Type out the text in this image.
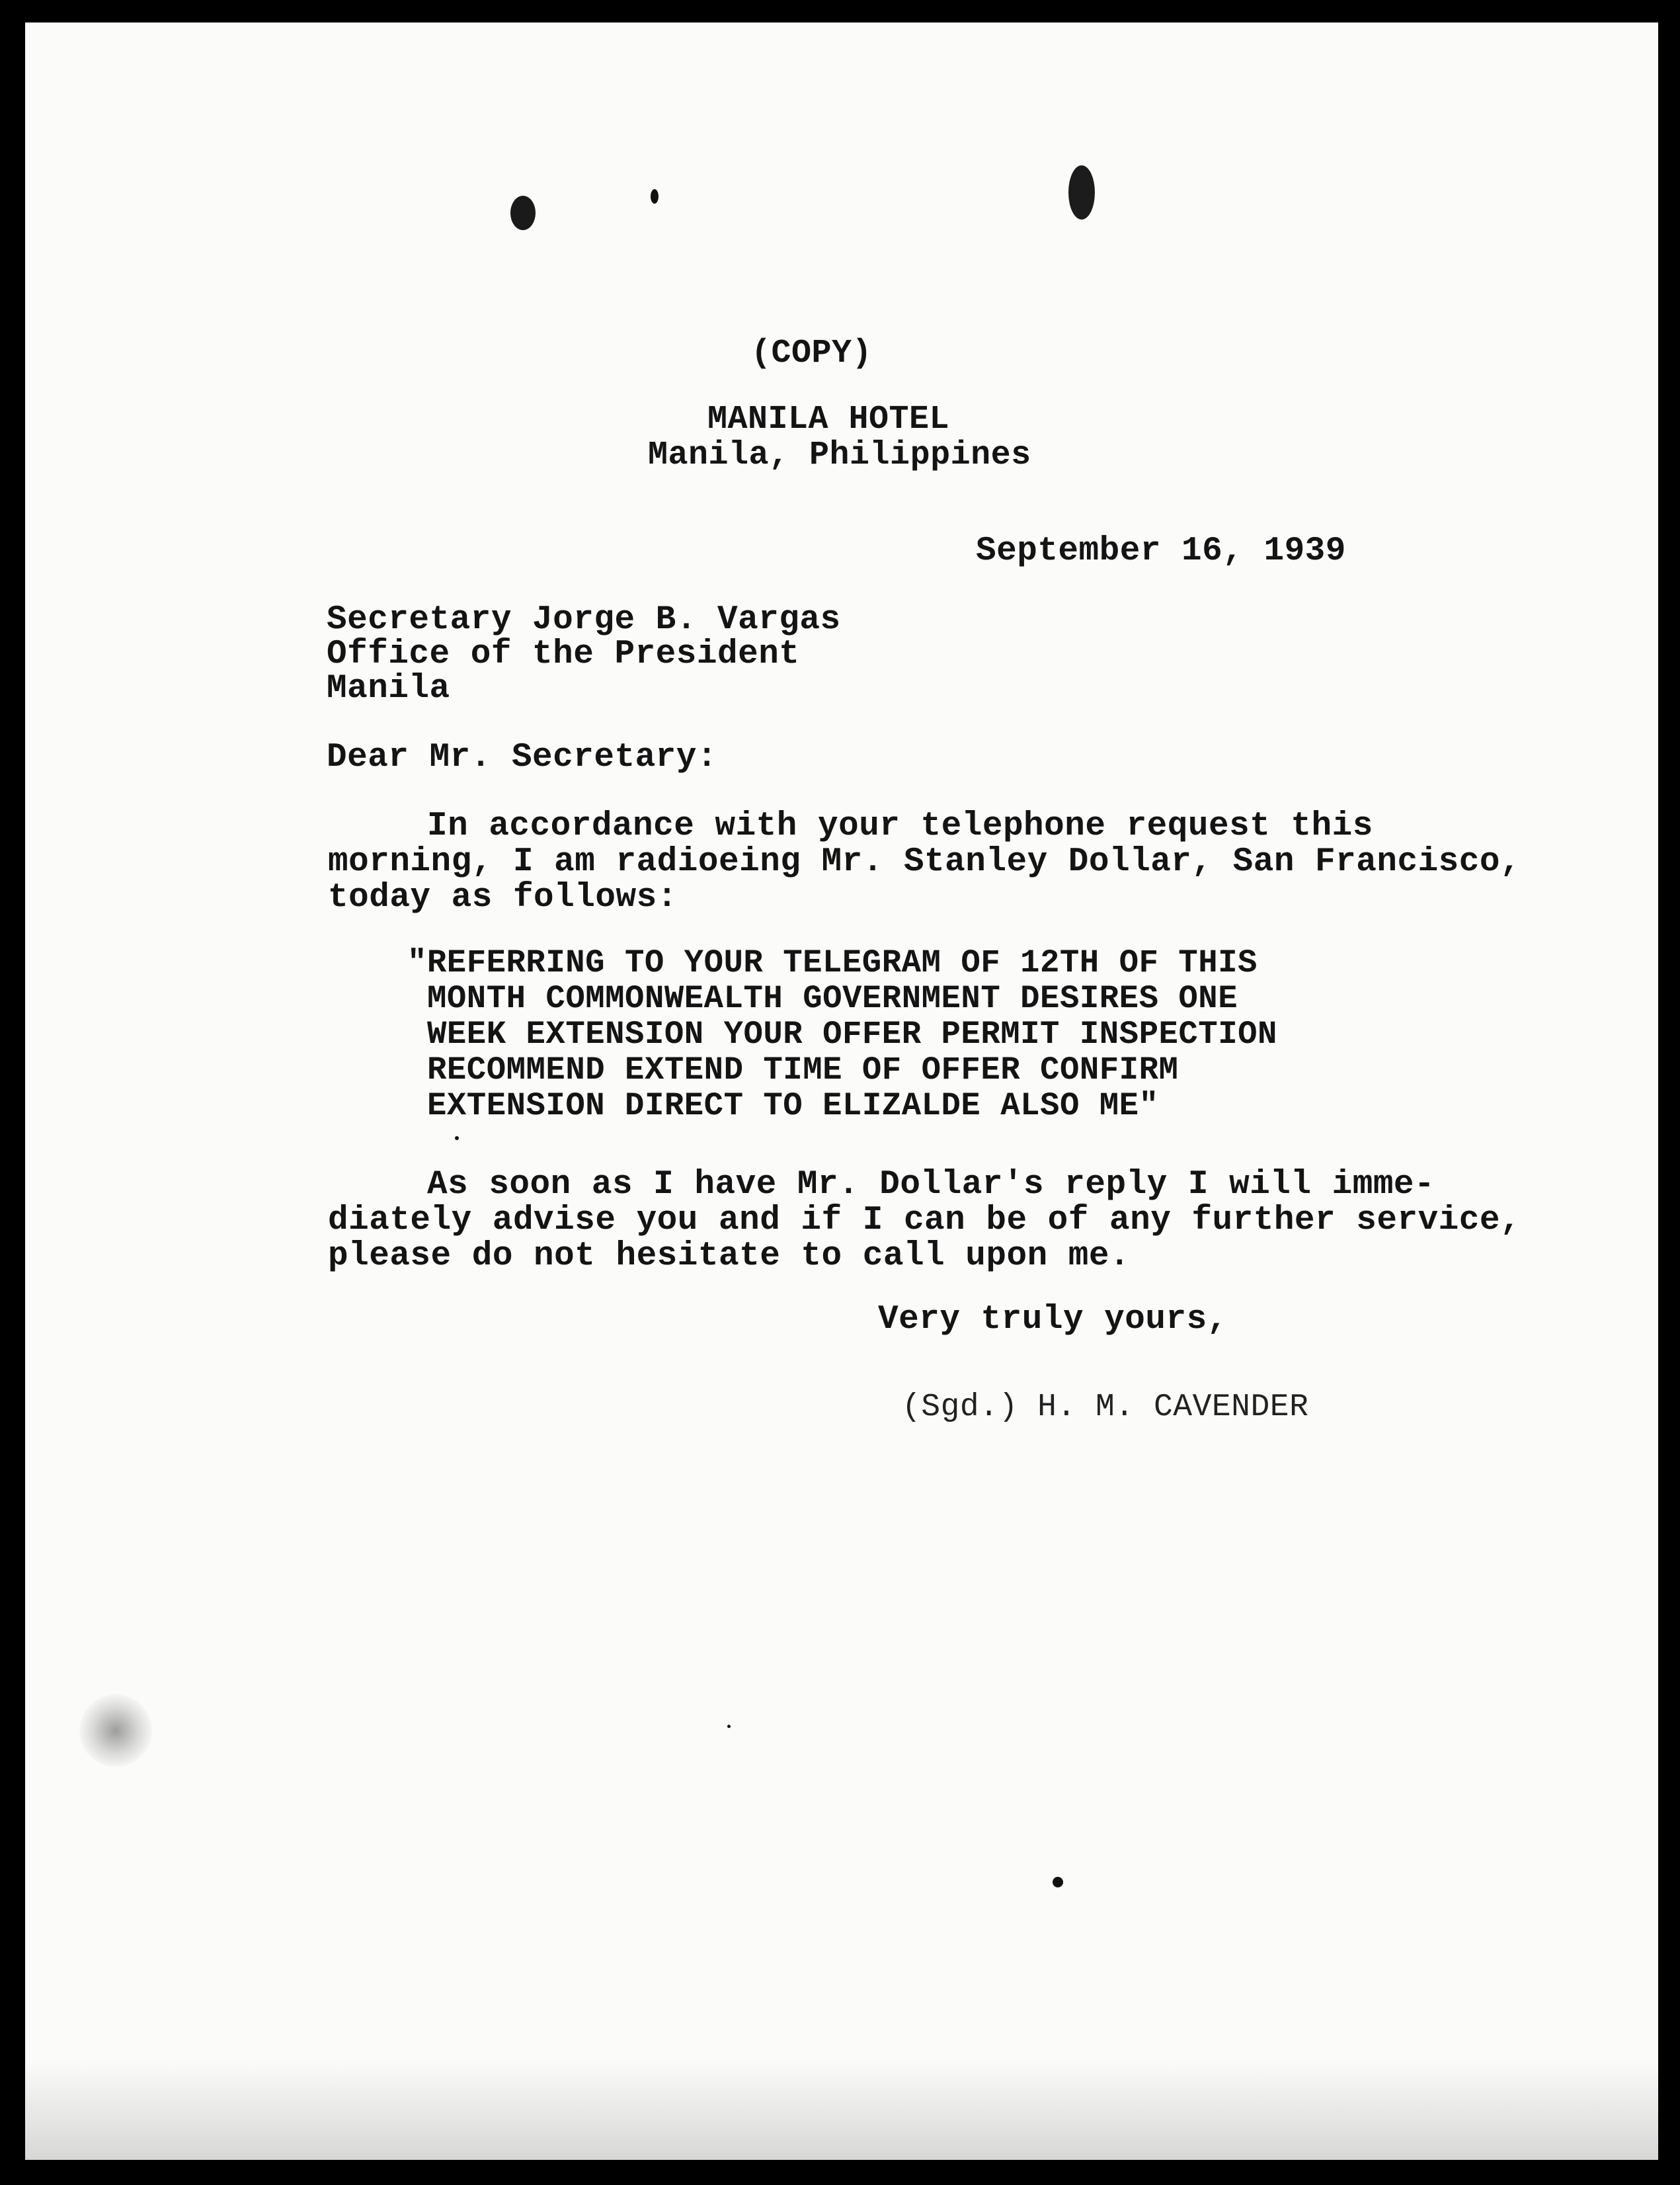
(COPY)

MANILA HOTEL

Manila, Philippines

September 16, 1939

Secretary Jorge B. Vargas

Office of the President

Manila

Dear Mr. Secretary:

In accordance with your telephone request this

morning, I am radioeing Mr. Stanley Dollar, San Francisco,

today as follows:

"REFERRING TO YOUR TELEGRAM OF 12TH OF THIS

MONTH COMMONWEALTH GOVERNMENT DESIRES ONE

WEEK EXTENSION YOUR OFFER PERMIT INSPECTION

RECOMMEND EXTEND TIME OF OFFER CONFIRM

EXTENSION DIRECT TO ELIZALDE ALSO ME"

As soon as I have Mr. Dollar's reply I will imme-

diately advise you and if I can be of any further service,

please do not hesitate to call upon me.

Very truly yours,

(Sgd.) H. M. CAVENDER
